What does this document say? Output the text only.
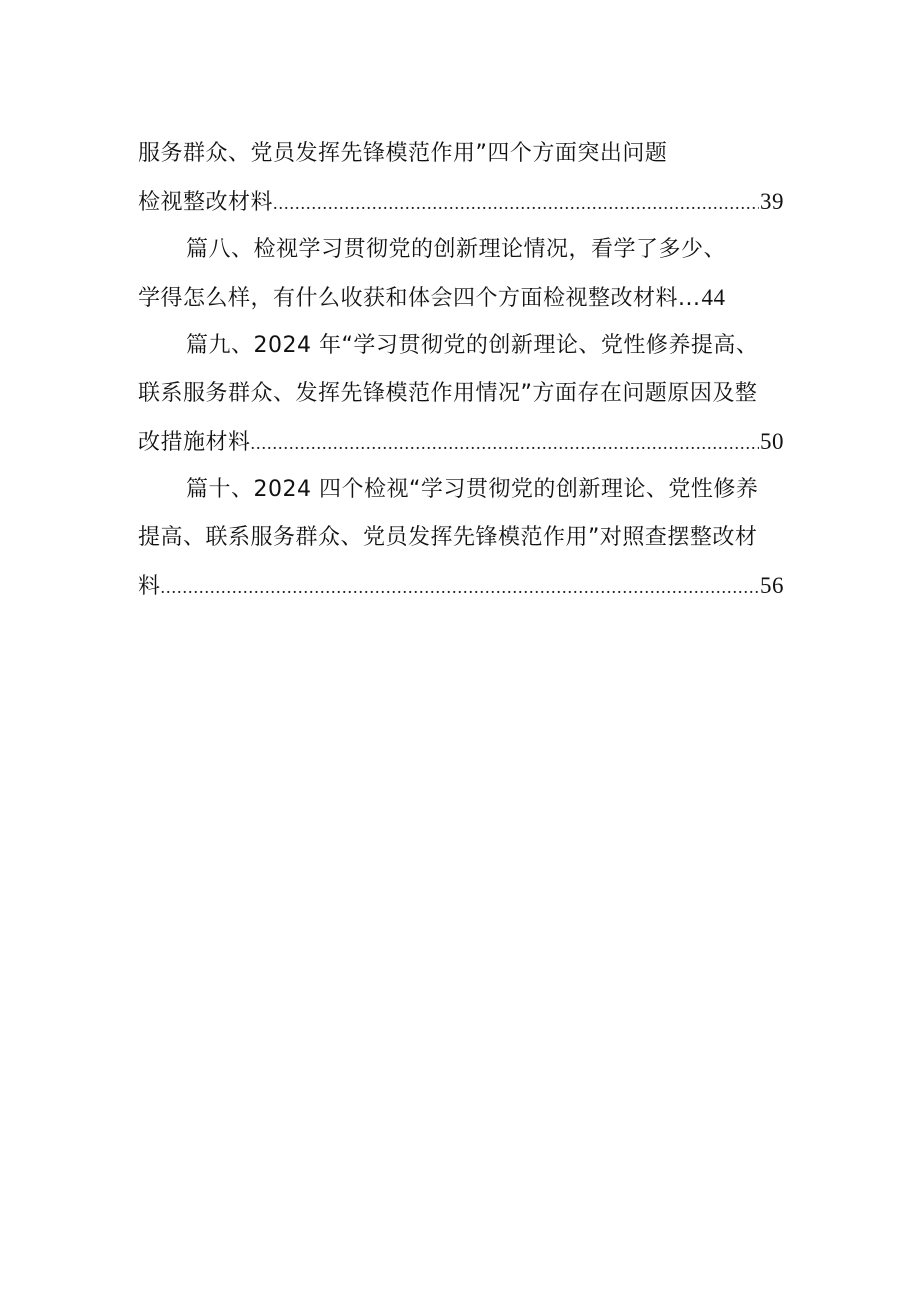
服务群众、党员发挥先锋模范作用”四个方面突出问题
检视整改材料 .....	39
篇八、检视学习贯彻党的创新理论情况，看学了多少、
学得怎么样，有什么收获和体会四个方面检视整改材料... 44
篇九、2024 年“学习贯彻党的创新理论、党性修养提高、
联系服务群众、发挥先锋模范作用情况”方面存在问题原因及整
改措施材料 .....	50
篇十、2024 四个检视“学习贯彻党的创新理论、党性修养
提高、联系服务群众、党员发挥先锋模范作用”对照查摆整改材
料 .....	56
